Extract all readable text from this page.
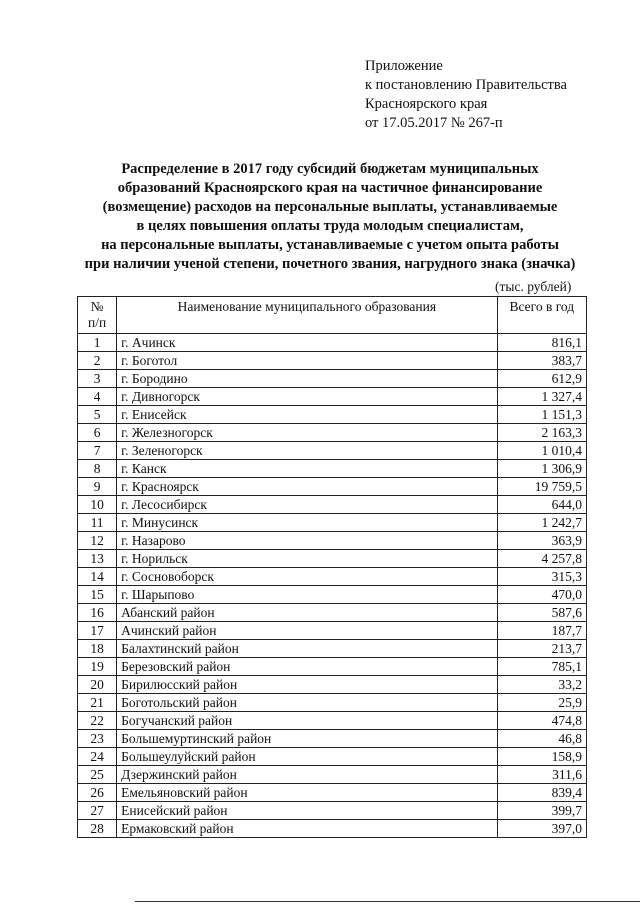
Приложение
к постановлению Правительства
Красноярского края
от 17.05.2017 № 267-п
Распределение в 2017 году субсидий бюджетам муниципальных
образований Красноярского края на частичное финансирование
(возмещение) расходов на персональные выплаты, устанавливаемые
в целях повышения оплаты труда молодым специалистам,
на персональные выплаты, устанавливаемые с учетом опыта работы
при наличии ученой степени, почетного звания, нагрудного знака (значка)
(тыс. рублей)
№
п/п	Наименование муниципального образования	Всего в год
1	г. Ачинск	816,1
2	г. Боготол	383,7
3	г. Бородино	612,9
4	г. Дивногорск	1 327,4
5	г. Енисейск	1 151,3
6	г. Железногорск	2 163,3
7	г. Зеленогорск	1 010,4
8	г. Канск	1 306,9
9	г. Красноярск	19 759,5
10	г. Лесосибирск	644,0
11	г. Минусинск	1 242,7
12	г. Назарово	363,9
13	г. Норильск	4 257,8
14	г. Сосновоборск	315,3
15	г. Шарыпово	470,0
16	Абанский район	587,6
17	Ачинский район	187,7
18	Балахтинский район	213,7
19	Березовский район	785,1
20	Бирилюсский район	33,2
21	Боготольский район	25,9
22	Богучанский район	474,8
23	Большемуртинский район	46,8
24	Большеулуйский район	158,9
25	Дзержинский район	311,6
26	Емельяновский район	839,4
27	Енисейский район	399,7
28	Ермаковский район	397,0
